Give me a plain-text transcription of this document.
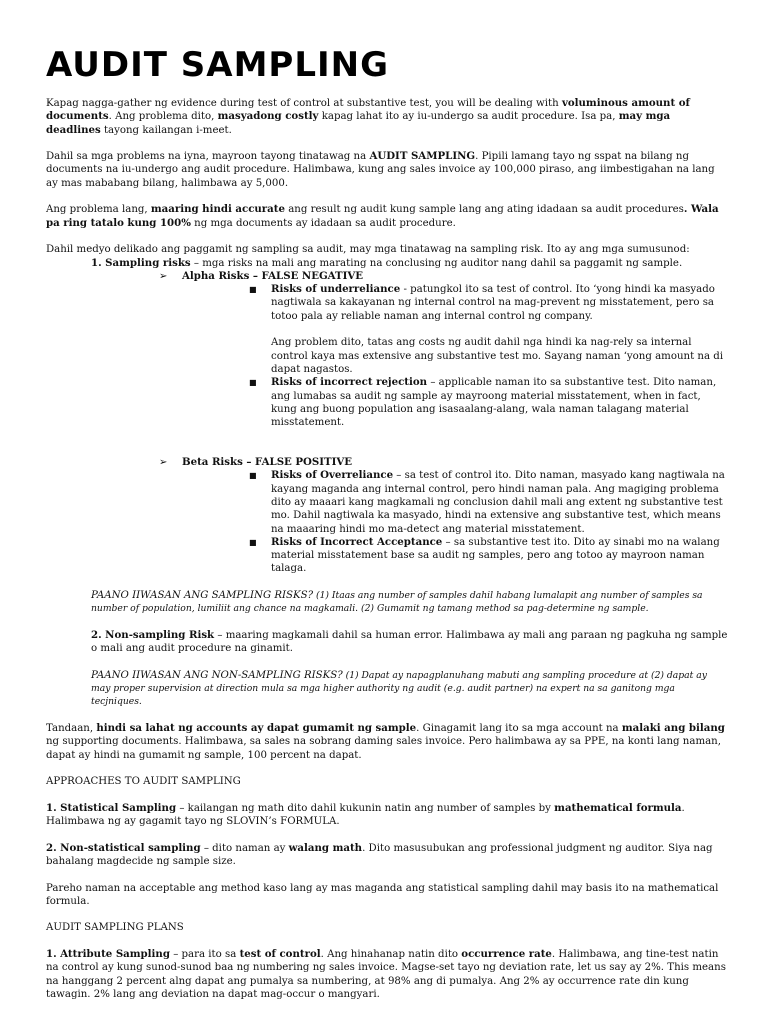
AUDIT SAMPLING

Kapag nagga-gather ng evidence during test of control at substantive test, you will be dealing with voluminous amount of documents. Ang problema dito, masyadong costly kapag lahat ito ay iu-undergo sa audit procedure. Isa pa, may mga deadlines tayong kailangan i-meet.

Dahil sa mga problems na iyna, mayroon tayong tinatawag na AUDIT SAMPLING. Pipili lamang tayo ng sspat na bilang ng documents na iu-undergo ang audit procedure. Halimbawa, kung ang sales invoice ay 100,000 piraso, ang iimbestigahan na lang ay mas mababang bilang, halimbawa ay 5,000.

Ang problema lang, maaring hindi accurate ang result ng audit kung sample lang ang ating idadaan sa audit procedures. Wala pa ring tatalo kung 100% ng mga documents ay idadaan sa audit procedure.

Dahil medyo delikado ang paggamit ng sampling sa audit, may mga tinatawag na sampling risk. Ito ay ang mga sumusunod:

1. Sampling risks – mga risks na mali ang marating na conclusing ng auditor nang dahil sa paggamit ng sample.
➢ Alpha Risks – FALSE NEGATIVE
■ Risks of underreliance - patungkol ito sa test of control. Ito ‘yong hindi ka masyado nagtiwala sa kakayanan ng internal control na mag-prevent ng misstatement, pero sa totoo pala ay reliable naman ang internal control ng company.
Ang problem dito, tatas ang costs ng audit dahil nga hindi ka nag-rely sa internal control kaya mas extensive ang substantive test mo. Sayang naman ‘yong amount na di dapat nagastos.
■ Risks of incorrect rejection – applicable naman ito sa substantive test. Dito naman, ang lumabas sa audit ng sample ay mayroong material misstatement, when in fact, kung ang buong population ang isasaalang-alang, wala naman talagang material misstatement.
➢ Beta Risks – FALSE POSITIVE
■ Risks of Overreliance – sa test of control ito. Dito naman, masyado kang nagtiwala na kayang maganda ang internal control, pero hindi naman pala. Ang magiging problema dito ay maaari kang magkamali ng conclusion dahil mali ang extent ng substantive test mo. Dahil nagtiwala ka masyado, hindi na extensive ang substantive test, which means na maaaring hindi mo ma-detect ang material misstatement.
■ Risks of Incorrect Acceptance – sa substantive test ito. Dito ay sinabi mo na walang material misstatement base sa audit ng samples, pero ang totoo ay mayroon naman talaga.

PAANO IIWASAN ANG SAMPLING RISKS? (1) Itaas ang number of samples dahil habang lumalapit ang number of samples sa number of population, lumiliit ang chance na magkamali. (2) Gumamit ng tamang method sa pag-determine ng sample.

2. Non-sampling Risk – maaring magkamali dahil sa human error. Halimbawa ay mali ang paraan ng pagkuha ng sample o mali ang audit procedure na ginamit.

PAANO IIWASAN ANG NON-SAMPLING RISKS? (1) Dapat ay napagplanuhang mabuti ang sampling procedure at (2) dapat ay may proper supervision at direction mula sa mga higher authority ng audit (e.g. audit partner) na expert na sa ganitong mga tecjniques.

Tandaan, hindi sa lahat ng accounts ay dapat gumamit ng sample. Ginagamit lang ito sa mga account na malaki ang bilang ng supporting documents. Halimbawa, sa sales na sobrang daming sales invoice. Pero halimbawa ay sa PPE, na konti lang naman, dapat ay hindi na gumamit ng sample, 100 percent na dapat.

APPROACHES TO AUDIT SAMPLING

1. Statistical Sampling – kailangan ng math dito dahil kukunin natin ang number of samples by mathematical formula. Halimbawa ng ay gagamit tayo ng SLOVIN’s FORMULA.

2. Non-statistical sampling – dito naman ay walang math. Dito masusubukan ang professional judgment ng auditor. Siya nag bahalang magdecide ng sample size.

Pareho naman na acceptable ang method kaso lang ay mas maganda ang statistical sampling dahil may basis ito na mathematical formula.

AUDIT SAMPLING PLANS

1. Attribute Sampling – para ito sa test of control. Ang hinahanap natin dito occurrence rate. Halimbawa, ang tine-test natin na control ay kung sunod-sunod baa ng numbering ng sales invoice. Magse-set tayo ng deviation rate, let us say ay 2%. This means na hanggang 2 percent alng dapat ang pumalya sa numbering, at 98% ang di pumalya. Ang 2% ay occurrence rate din kung tawagin. 2% lang ang deviation na dapat mag-occur o mangyari.
